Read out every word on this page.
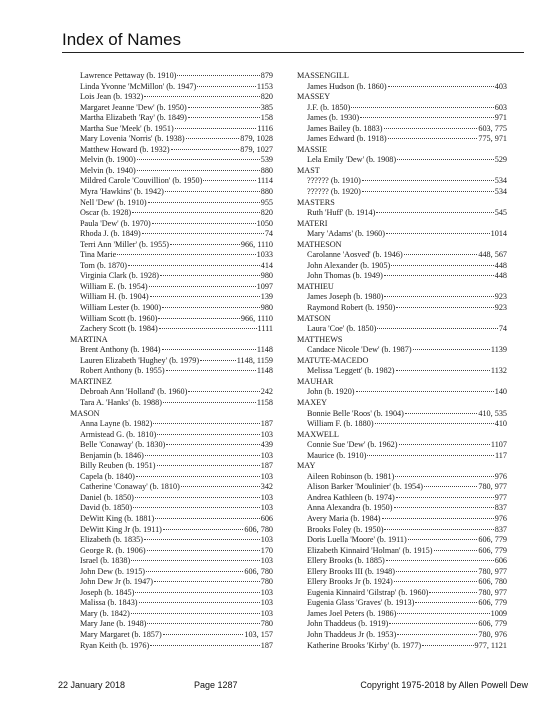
Index of Names
Lawrence Pettaway (b. 1910)	879
Linda Yvonne 'McMillon' (b. 1947)	1153
Lois Jean (b. 1932)	820
Margaret Jeanne 'Dew' (b. 1950)	385
Martha Elizabeth 'Ray' (b. 1849)	158
Martha Sue 'Meek' (b. 1951)	1116
Mary Lovenia 'Norris' (b. 1938)	879, 1028
Matthew Howard (b. 1932)	879, 1027
Melvin (b. 1900)	539
Melvin (b. 1940)	880
Mildred Carole 'Couvillion' (b. 1950)	1114
Myra 'Hawkins' (b. 1942)	880
Nell 'Dew' (b. 1910)	955
Oscar (b. 1928)	820
Paula 'Dew' (b. 1970)	1050
Rhoda J. (b. 1849)	74
Terri Ann 'Miller' (b. 1955)	966, 1110
Tina Marie	1033
Tom (b. 1870)	414
Virginia Clark (b. 1928)	980
William E. (b. 1954)	1097
William H. (b. 1904)	139
William Lester (b. 1900)	980
William Scott (b. 1960)	966, 1110
Zachery Scott (b. 1984)	1111
MARTINA
Brent Anthony (b. 1984)	1148
Lauren Elizabeth 'Hughey' (b. 1979)	1148, 1159
Robert Anthony (b. 1955)	1148
MARTINEZ
Debroah Ann 'Holland' (b. 1960)	242
Tara A. 'Hanks' (b. 1988)	1158
MASON
Anna Layne (b. 1982)	187
Armistead G. (b. 1810)	103
Belle 'Conaway' (b. 1830)	439
Benjamin (b. 1846)	103
Billy Reuben (b. 1951)	187
Capela (b. 1840)	103
Catherine 'Conaway' (b. 1810)	342
Daniel (b. 1850)	103
David (b. 1850)	103
DeWitt King (b. 1881)	606
DeWitt King Jr (b. 1911)	606, 780
Elizabeth (b. 1835)	103
George R. (b. 1906)	170
Israel (b. 1838)	103
John Dew (b. 1915)	606, 780
John Dew Jr (b. 1947)	780
Joseph (b. 1845)	103
Malissa (b. 1843)	103
Mary (b. 1842)	103
Mary Jane (b. 1948)	780
Mary Margaret (b. 1857)	103, 157
Ryan Keith (b. 1976)	187
MASSENGILL
James Hudson (b. 1860)	403
MASSEY
J.F. (b. 1850)	603
James (b. 1930)	971
James Bailey (b. 1883)	603, 775
James Edward (b. 1918)	775, 971
MASSIE
Lela Emily 'Dew' (b. 1908)	529
MAST
?????? (b. 1910)	534
?????? (b. 1920)	534
MASTERS
Ruth 'Huff' (b. 1914)	545
MATERI
Mary 'Adams' (b. 1960)	1014
MATHESON
Carolanne 'Aosved' (b. 1946)	448, 567
John Alexander (b. 1905)	448
John Thomas (b. 1949)	448
MATHIEU
James Joseph (b. 1980)	923
Raymond Robert (b. 1950)	923
MATSON
Laura 'Coe' (b. 1850)	74
MATTHEWS
Candace Nicole 'Dew' (b. 1987)	1139
MATUTE-MACEDO
Melissa 'Leggett' (b. 1982)	1132
MAUHAR
John (b. 1920)	140
MAXEY
Bonnie Belle 'Roos' (b. 1904)	410, 535
William F. (b. 1880)	410
MAXWELL
Connie Sue 'Dew' (b. 1962)	1107
Maurice (b. 1910)	117
MAY
Aileen Robinson (b. 1981)	976
Alison Barker 'Moulinier' (b. 1954)	780, 977
Andrea Kathleen (b. 1974)	977
Anna Alexandra (b. 1950)	837
Avery Maria (b. 1984)	976
Brooks Foley (b. 1950)	837
Doris Luella 'Moore' (b. 1911)	606, 779
Elizabeth Kinnaird 'Holman' (b. 1915)	606, 779
Ellery Brooks (b. 1885)	606
Ellery Brooks III (b. 1948)	780, 977
Ellery Brooks Jr (b. 1924)	606, 780
Eugenia Kinnaird 'Gilstrap' (b. 1960)	780, 977
Eugenia Glass 'Graves' (b. 1913)	606, 779
James Joel Peters (b. 1986)	1009
John Thaddeus (b. 1919)	606, 779
John Thaddeus Jr (b. 1953)	780, 976
Katherine Brooks 'Kirby' (b. 1977)	977, 1121
22 January 2018	Page 1287	Copyright 1975-2018 by Allen Powell Dew
